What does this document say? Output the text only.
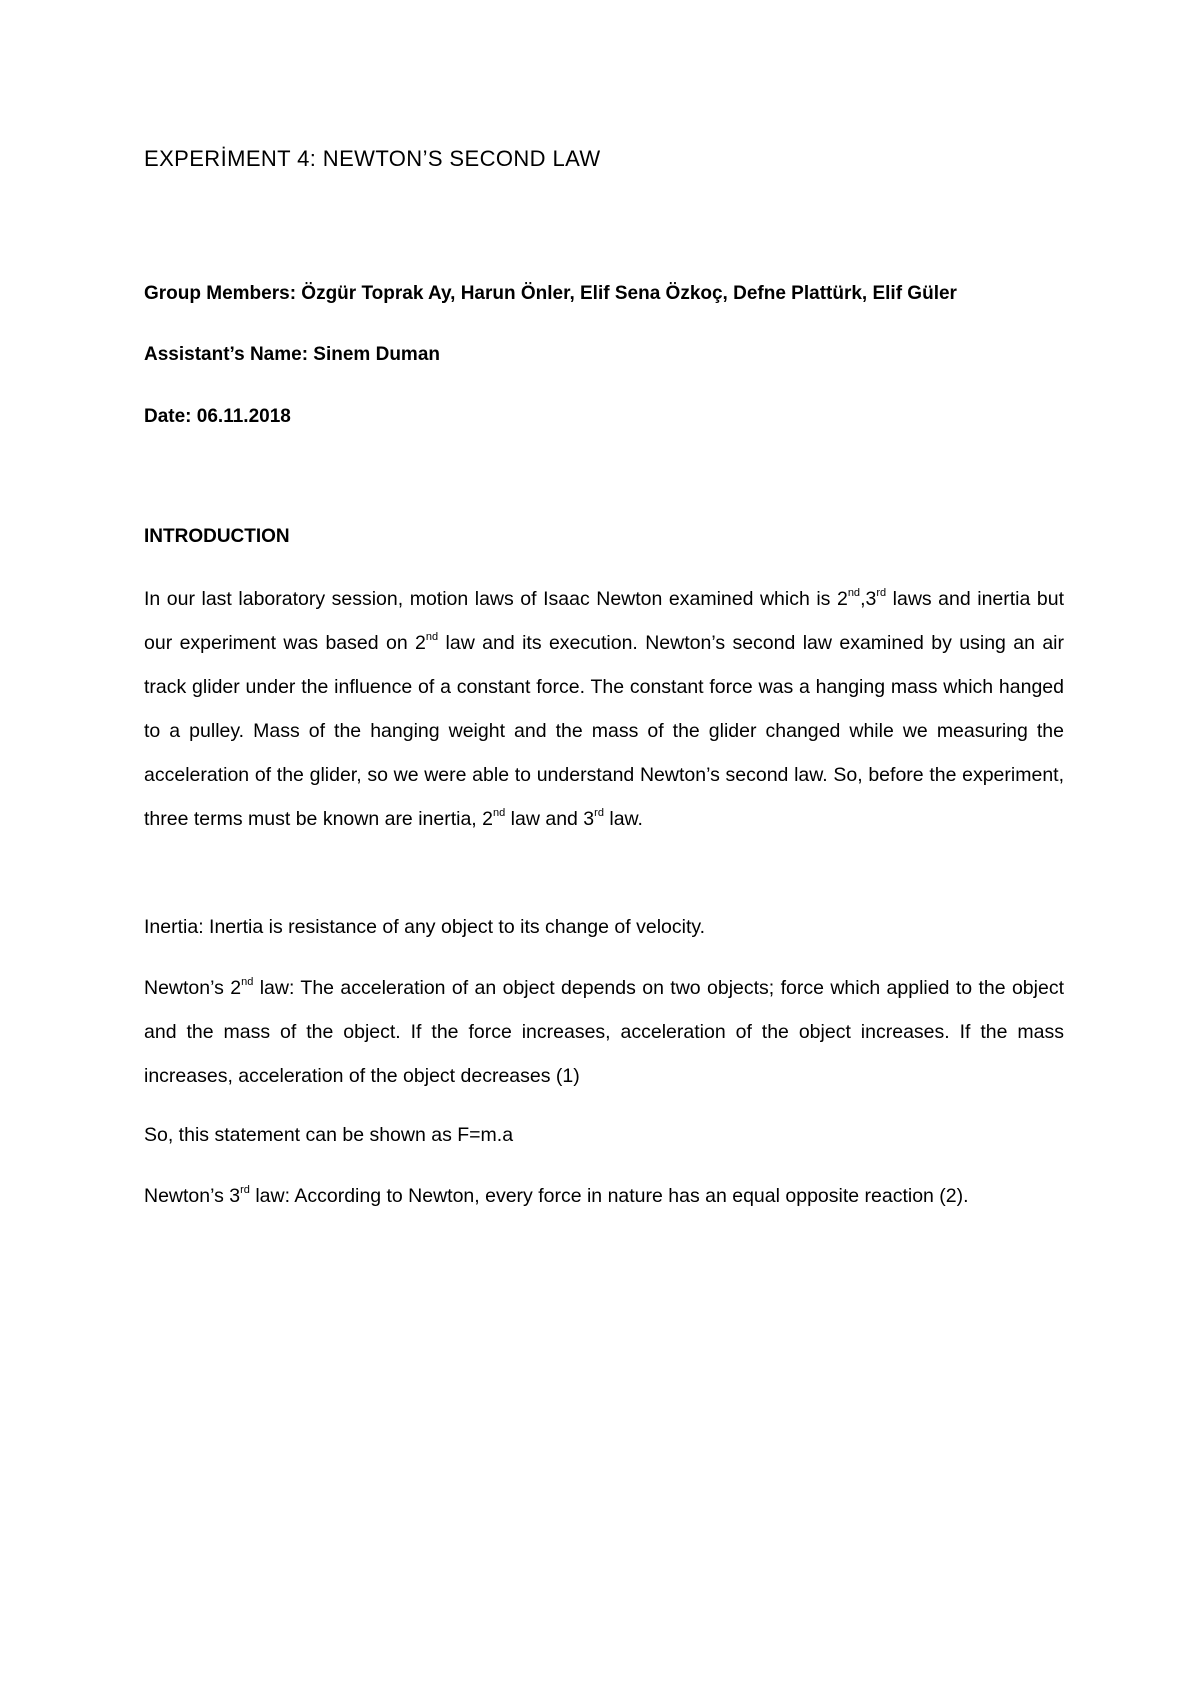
EXPERİMENT 4: NEWTON’S SECOND LAW

Group Members: Özgür Toprak Ay, Harun Önler, Elif Sena Özkoç, Defne Plattürk, Elif Güler

Assistant’s Name: Sinem Duman

Date: 06.11.2018

INTRODUCTION

In our last laboratory session, motion laws of Isaac Newton examined which is 2nd,3rd laws and inertia but our experiment was based on 2nd law and its execution. Newton’s second law examined by using an air track glider under the influence of a constant force. The constant force was a hanging mass which hanged to a pulley. Mass of the hanging weight and the mass of the glider changed while we measuring the acceleration of the glider, so we were able to understand Newton’s second law. So, before the experiment, three terms must be known are inertia, 2nd law and 3rd law.

Inertia: Inertia is resistance of any object to its change of velocity.

Newton’s 2nd law: The acceleration of an object depends on two objects; force which applied to the object and the mass of the object. If the force increases, acceleration of the object increases. If the mass increases, acceleration of the object decreases (1)

So, this statement can be shown as F=m.a

Newton’s 3rd law: According to Newton, every force in nature has an equal opposite reaction (2).
